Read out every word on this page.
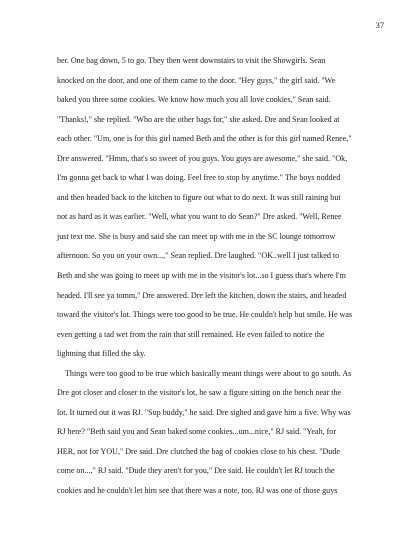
37
her. One bag down, 5 to go. They then went downstairs to visit the Showgirls. Sean
knocked on the door, and one of them came to the door. "Hey guys," the girl said. "We
baked you three some cookies. We know how much you all love cookies," Sean said.
"Thanks!," she replied. "Who are the other bags for," she asked. Dre and Sean looked at
each other. "Um, one is for this girl named Beth and the other is for this girl named Renee,"
Dre answered. "Hmm, that's so sweet of you guys. You guys are awesome," she said. "Ok,
I'm gonna get back to what I was doing. Feel free to stop by anytime." The boys nodded
and then headed back to the kitchen to figure out what to do next. It was still raining but
not as hard as it was earlier. "Well, what you want to do Sean?" Dre asked. "Well, Renee
just text me. She is busy and said she can meet up with me in the SC lounge tomorrow
afternoon. So you on your own...," Sean replied. Dre laughed. "OK..well I just talked to
Beth and she was going to meet up with me in the visitor's lot...so I guess that's where I'm
headed. I'll see ya tomm," Dre answered. Dre left the kitchen, down the stairs, and headed
toward the visitor's lot. Things were too good to be true. He couldn't help but smile. He was
even getting a tad wet from the rain that still remained. He even failed to notice the
lightning that filled the sky.
Things were too good to be true which basically meant things were about to go south. As
Dre got closer and closer to the visitor's lot, he saw a figure sitting on the bench near the
lot. It turned out it was RJ. "Sup buddy," he said. Dre sighed and gave him a five. Why was
RJ here? "Beth said you and Sean baked some cookies...um...nice," RJ said. "Yeah, for
HER, not for YOU," Dre said. Dre clutched the bag of cookies close to his chest. "Dude
come on...," RJ said. "Dude they aren't for you," Dre said. He couldn't let RJ touch the
cookies and he couldn't let him see that there was a note, too. RJ was one of those guys
